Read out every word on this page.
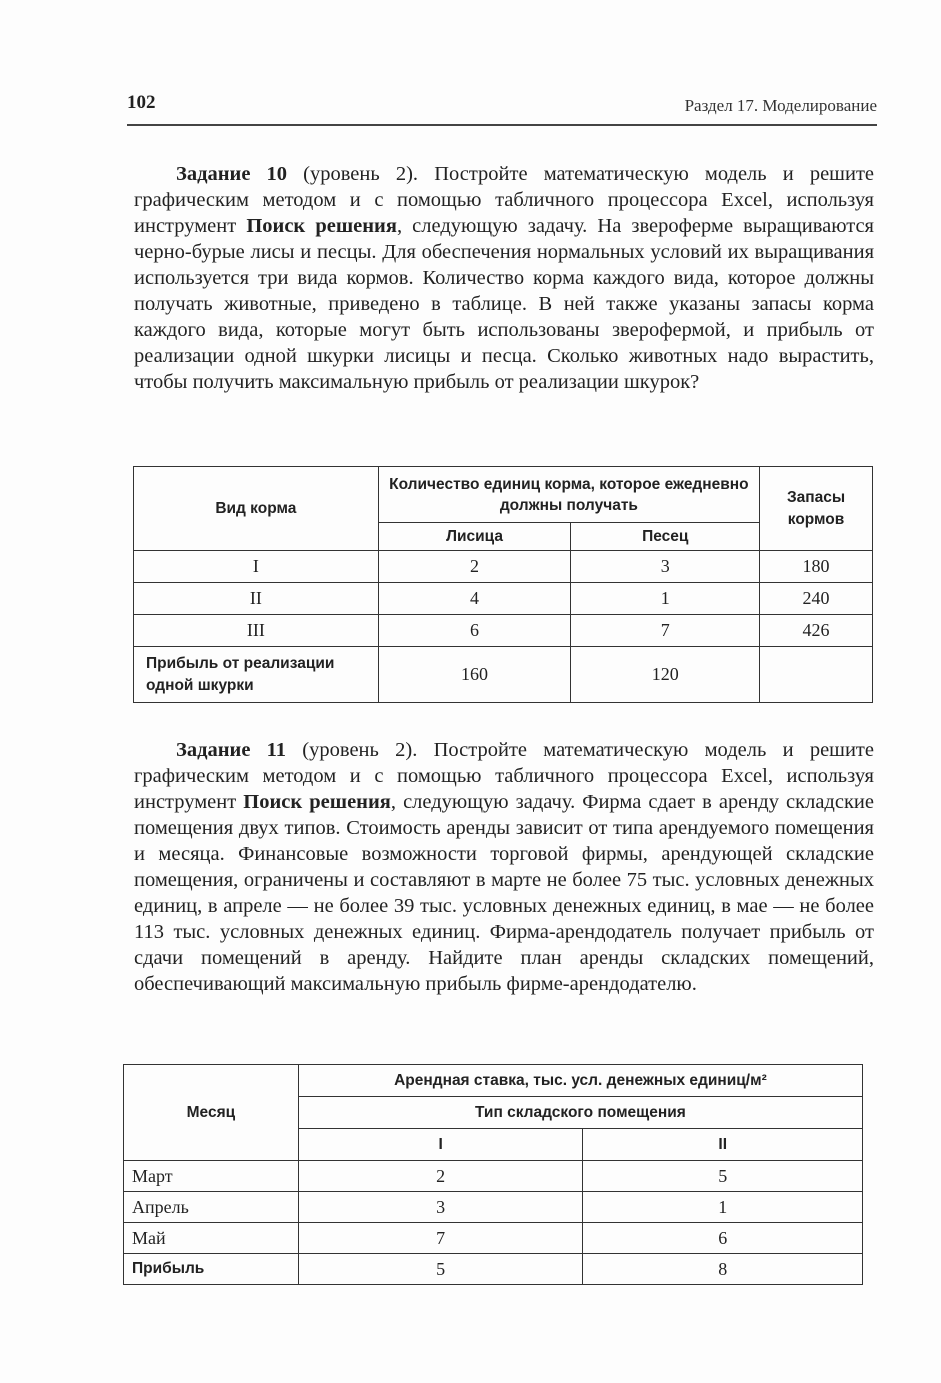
102	Раздел 17. Моделирование

Задание 10 (уровень 2). Постройте математическую модель и решите графическим методом и с помощью табличного процессора Excel, используя инструмент Поиск решения, следующую задачу. На звероферме выращиваются черно-бурые лисы и песцы. Для обеспечения нормальных условий их выращивания используется три вида кормов. Количество корма каждого вида, которое должны получать животные, приведено в таблице. В ней также указаны запасы корма каждого вида, которые могут быть использованы зверофермой, и прибыль от реализации одной шкурки лисицы и песца. Сколько животных надо вырастить, чтобы получить максимальную прибыль от реализации шкурок?

Вид корма	Количество единиц корма, которое ежедневно должны получать		Запасы кормов
	Лисица	Песец	
I	2	3	180
II	4	1	240
III	6	7	426
Прибыль от реализации одной шкурки	160	120	

Задание 11 (уровень 2). Постройте математическую модель и решите графическим методом и с помощью табличного процессора Excel, используя инструмент Поиск решения, следующую задачу. Фирма сдает в аренду складские помещения двух типов. Стоимость аренды зависит от типа арендуемого помещения и месяца. Финансовые возможности торговой фирмы, арендующей складские помещения, ограничены и составляют в марте не более 75 тыс. условных денежных единиц, в апреле — не более 39 тыс. условных денежных единиц, в мае — не более 113 тыс. условных денежных единиц. Фирма-арендодатель получает прибыль от сдачи помещений в аренду. Найдите план аренды складских помещений, обеспечивающий максимальную прибыль фирме-арендодателю.

Месяц	Арендная ставка, тыс. усл. денежных единиц/м²	
	Тип складского помещения	
	I	II
Март	2	5
Апрель	3	1
Май	7	6
Прибыль	5	8
